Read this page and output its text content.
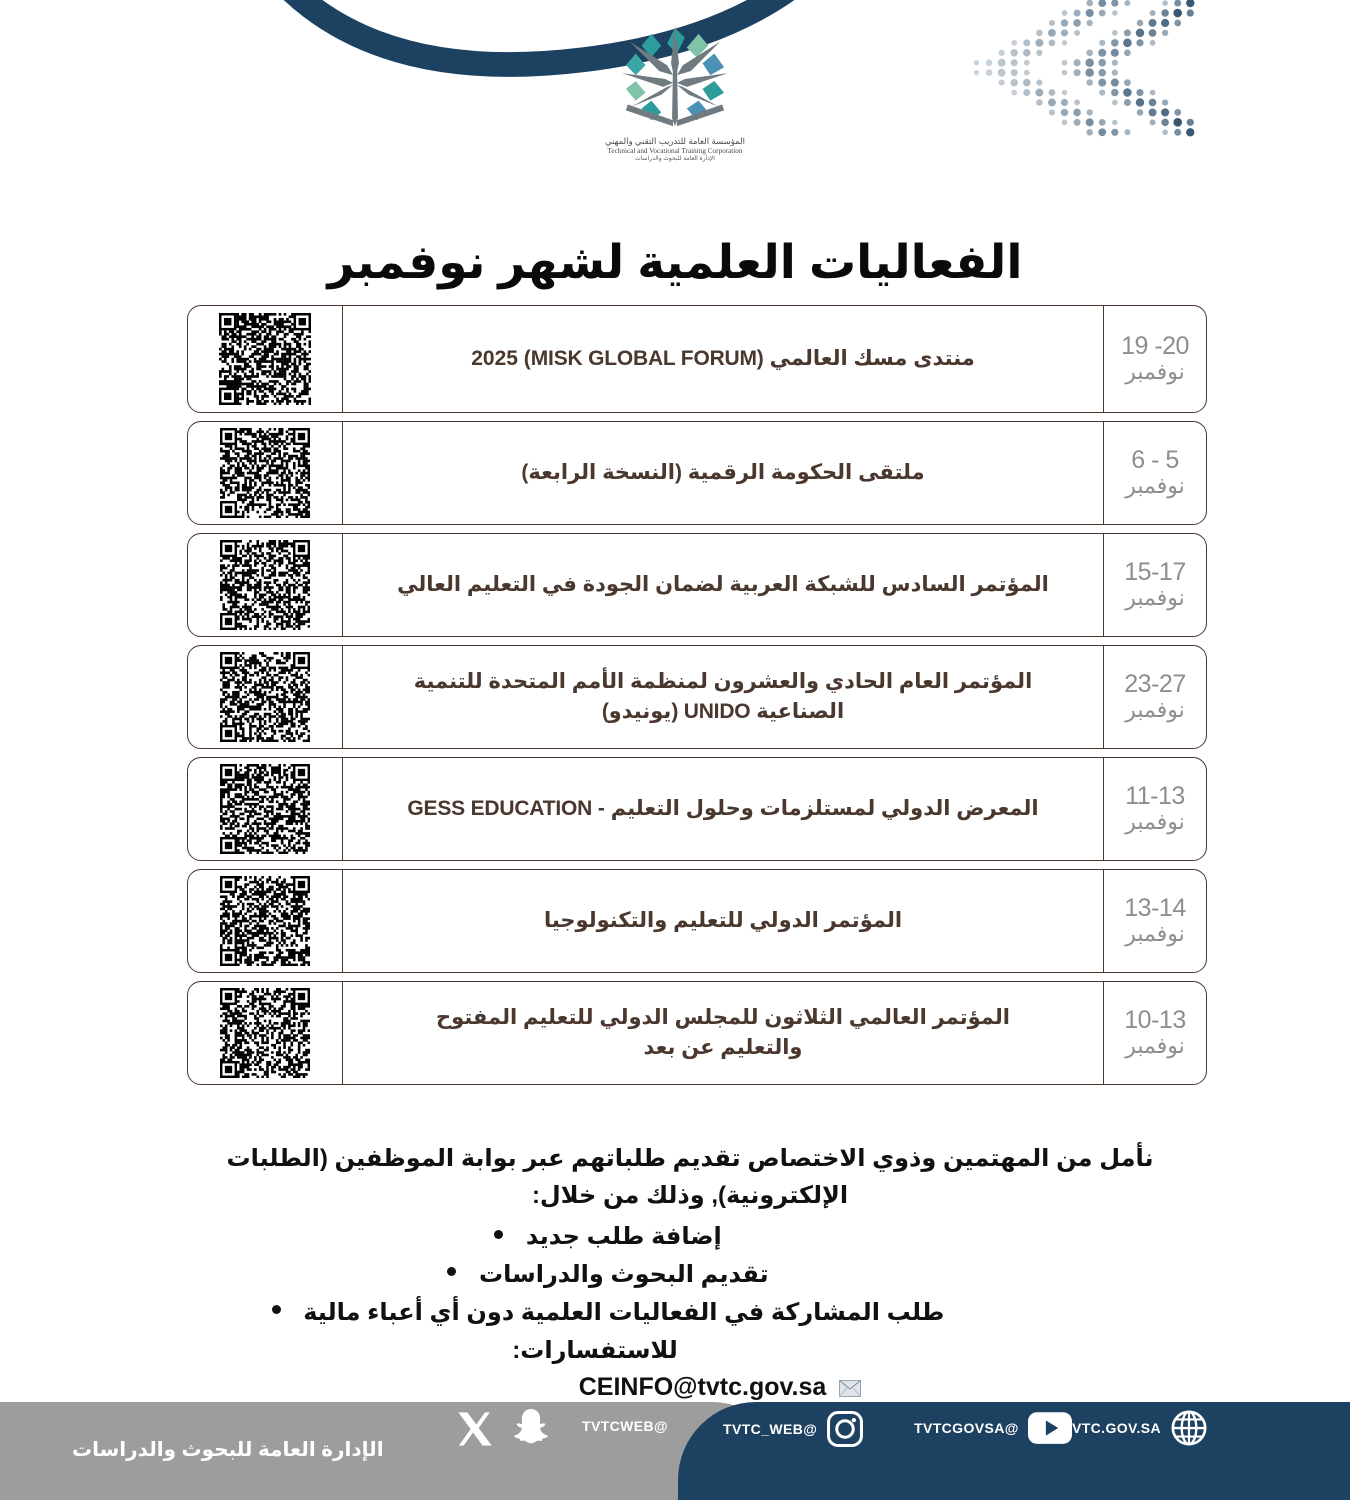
المؤسسة العامة للتدريب التقني والمهني
Technical and Vocational Training Corporation
الإدارة العامة للبحوث والدراسات
الفعاليات العلمية لشهر نوفمبر
19 -20
نوفمبر
منتدى مسك العالمي (MISK GLOBAL FORUM) 2025
6 - 5
نوفمبر
ملتقى الحكومة الرقمية (النسخة الرابعة)
15-17
نوفمبر
المؤتمر السادس للشبكة العربية لضمان الجودة في التعليم العالي
23-27
نوفمبر
المؤتمر العام الحادي والعشرون لمنظمة الأمم المتحدة للتنمية الصناعية UNIDO (يونيدو)
11-13
نوفمبر
المعرض الدولي لمستلزمات وحلول التعليم - GESS EDUCATION
13-14
نوفمبر
المؤتمر الدولي للتعليم والتكنولوجيا
10-13
نوفمبر
المؤتمر العالمي الثلاثون للمجلس الدولي للتعليم المفتوح والتعليم عن بعد
نأمل من المهتمين وذوي الاختصاص تقديم طلباتهم عبر بوابة الموظفين (الطلبات الإلكترونية), وذلك من خلال:
إضافة طلب جديد
تقديم البحوث والدراسات
طلب المشاركة في الفعاليات العلمية دون أي أعباء مالية
للاستفسارات:
CEINFO@tvtc.gov.sa
الإدارة العامة للبحوث والدراسات
@TVTCWEB	@TVTC_WEB	@TVTCGOVSA	TVTC.GOV.SA
